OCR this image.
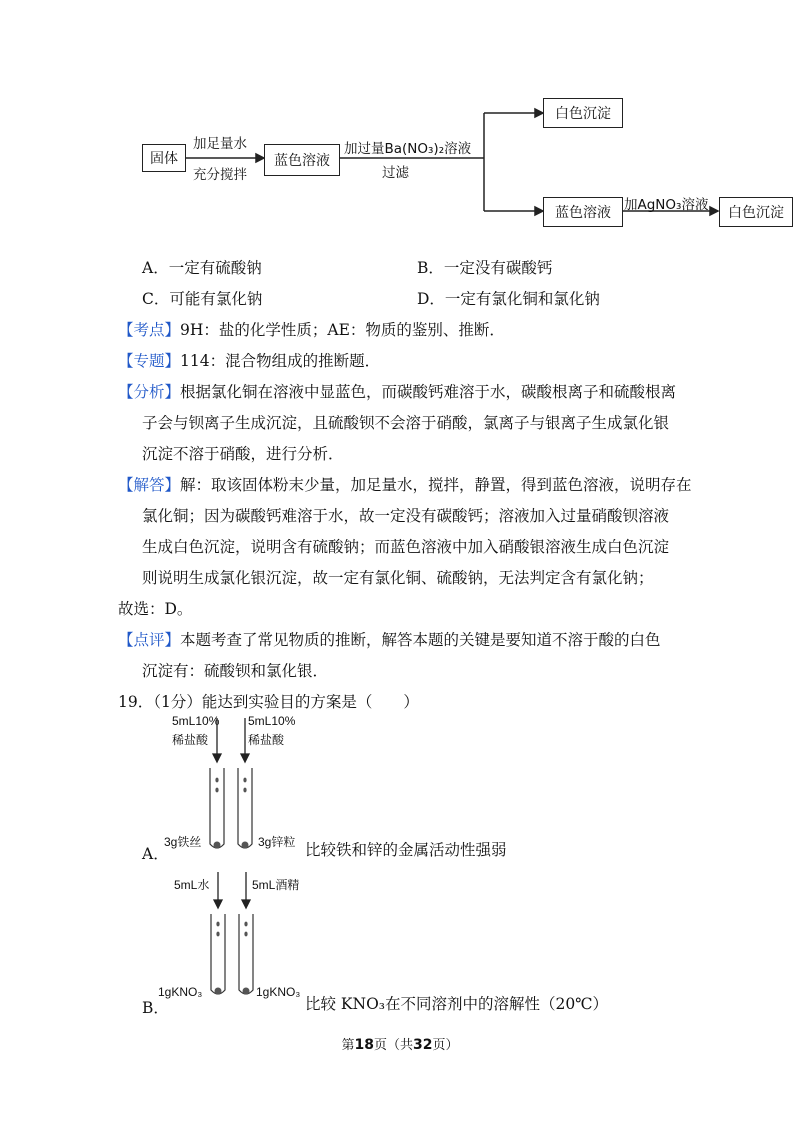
固体
加足量水
充分搅拌
蓝色溶液
加过量Ba(NO₃)₂溶液
过滤
白色沉淀
蓝色溶液 加AgNO₃溶液 白色沉淀
A．一定有硫酸钠	B．一定没有碳酸钙
C．可能有氯化钠	D．一定有氯化铜和氯化钠
【考点】9H：盐的化学性质；AE：物质的鉴别、推断．
【专题】114：混合物组成的推断题．
【分析】根据氯化铜在溶液中显蓝色，而碳酸钙难溶于水，碳酸根离子和硫酸根离
子会与钡离子生成沉淀，且硫酸钡不会溶于硝酸，氯离子与银离子生成氯化银
沉淀不溶于硝酸，进行分析．
【解答】解：取该固体粉末少量，加足量水，搅拌，静置，得到蓝色溶液，说明存在
氯化铜；因为碳酸钙难溶于水，故一定没有碳酸钙；溶液加入过量硝酸钡溶液
生成白色沉淀，说明含有硫酸钠；而蓝色溶液中加入硝酸银溶液生成白色沉淀
则说明生成氯化银沉淀，故一定有氯化铜、硫酸钠，无法判定含有氯化钠；
故选：D。
【点评】本题考查了常见物质的推断，解答本题的关键是要知道不溶于酸的白色
沉淀有：硫酸钡和氯化银．
19．（1分）能达到实验目的方案是（　　）
5mL10%
稀盐酸
5mL10%
稀盐酸
3g铁丝	3g锌粒
A．	比较铁和锌的金属活动性强弱
5mL水	5mL酒精
1gKNO₃	1gKNO₃
B．	比较 KNO₃在不同溶剂中的溶解性（20℃）
第18页（共32页）
